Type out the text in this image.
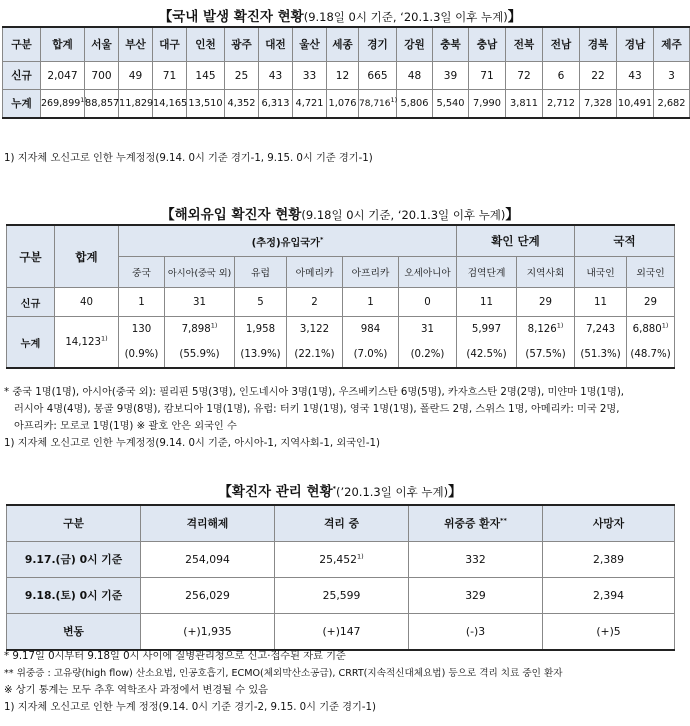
【국내 발생 확진자 현황(9.18일 0시 기준, ‘20.1.3일 이후 누계)】
구분	합계	서울	부산	대구	인천	광주	대전	울산	세종	경기	강원	충북	충남	전북	전남	경북	경남	제주
신규	2,047	700	49	71	145	25	43	33	12	665	48	39	71	72	6	22	43	3
누계	269,899$^{1)}$	88,857	11,829	14,165	13,510	4,352	6,313	4,721	1,076	78,716$^{1)}$	5,806	5,540	7,990	3,811	2,712	7,328	10,491	2,682
1) 지자체 오신고로 인한 누계정정(9.14. 0시 기준 경기-1, 9.15. 0시 기준 경기-1)
【해외유입 확진자 현황(9.18일 0시 기준, ‘20.1.3일 이후 누계)】
구분	합계	(추정)유입국가*						확인 단계		국적	
		중국	아시아(중국 외)	유럽	아메리카	아프리카	오세아니아	검역단계	지역사회	내국인	외국인
신규	40	1	31	5	2	1	0	11	29	11	29
누계	14,123$^{1)}$	130	7,898$^{1)}$	1,958	3,122	984	31	5,997	8,126$^{1)}$	7,243	6,880$^{1)}$
		(0.9%)	(55.9%)	(13.9%)	(22.1%)	(7.0%)	(0.2%)	(42.5%)	(57.5%)	(51.3%)	(48.7%)
* 중국 1명(1명), 아시아(중국 외): 필리핀 5명(3명), 인도네시아 3명(1명), 우즈베키스탄 6명(5명), 카자흐스탄 2명(2명), 미얀마 1명(1명),
러시아 4명(4명), 몽골 9명(8명), 캄보디아 1명(1명), 유럽: 터키 1명(1명), 영국 1명(1명), 폴란드 2명, 스위스 1명, 아메리카: 미국 2명,
아프리카: 모로코 1명(1명) ※ 괄호 안은 외국인 수
1) 지자체 오신고로 인한 누계정정(9.14. 0시 기준, 아시아-1, 지역사회-1, 외국인-1)
【확진자 관리 현황*(’20.1.3일 이후 누계)】
구분	격리해제	격리 중	위중증 환자**	사망자
9.17.(금) 0시 기준	254,094	25,452$^{1)}$	332	2,389
9.18.(토) 0시 기준	256,029	25,599	329	2,394
변동	(+)1,935	(+)147	(-)3	(+)5
* 9.17일 0시부터 9.18일 0시 사이에 질병관리청으로 신고·접수된 자료 기준
** 위중증 : 고유량(high flow) 산소요법, 인공호흡기, ECMO(체외막산소공급), CRRT(지속적신대체요법) 등으로 격리 치료 중인 환자
※ 상기 통계는 모두 추후 역학조사 과정에서 변경될 수 있음
1) 지자체 오신고로 인한 누계 정정(9.14. 0시 기준 경기-2, 9.15. 0시 기준 경기-1)
